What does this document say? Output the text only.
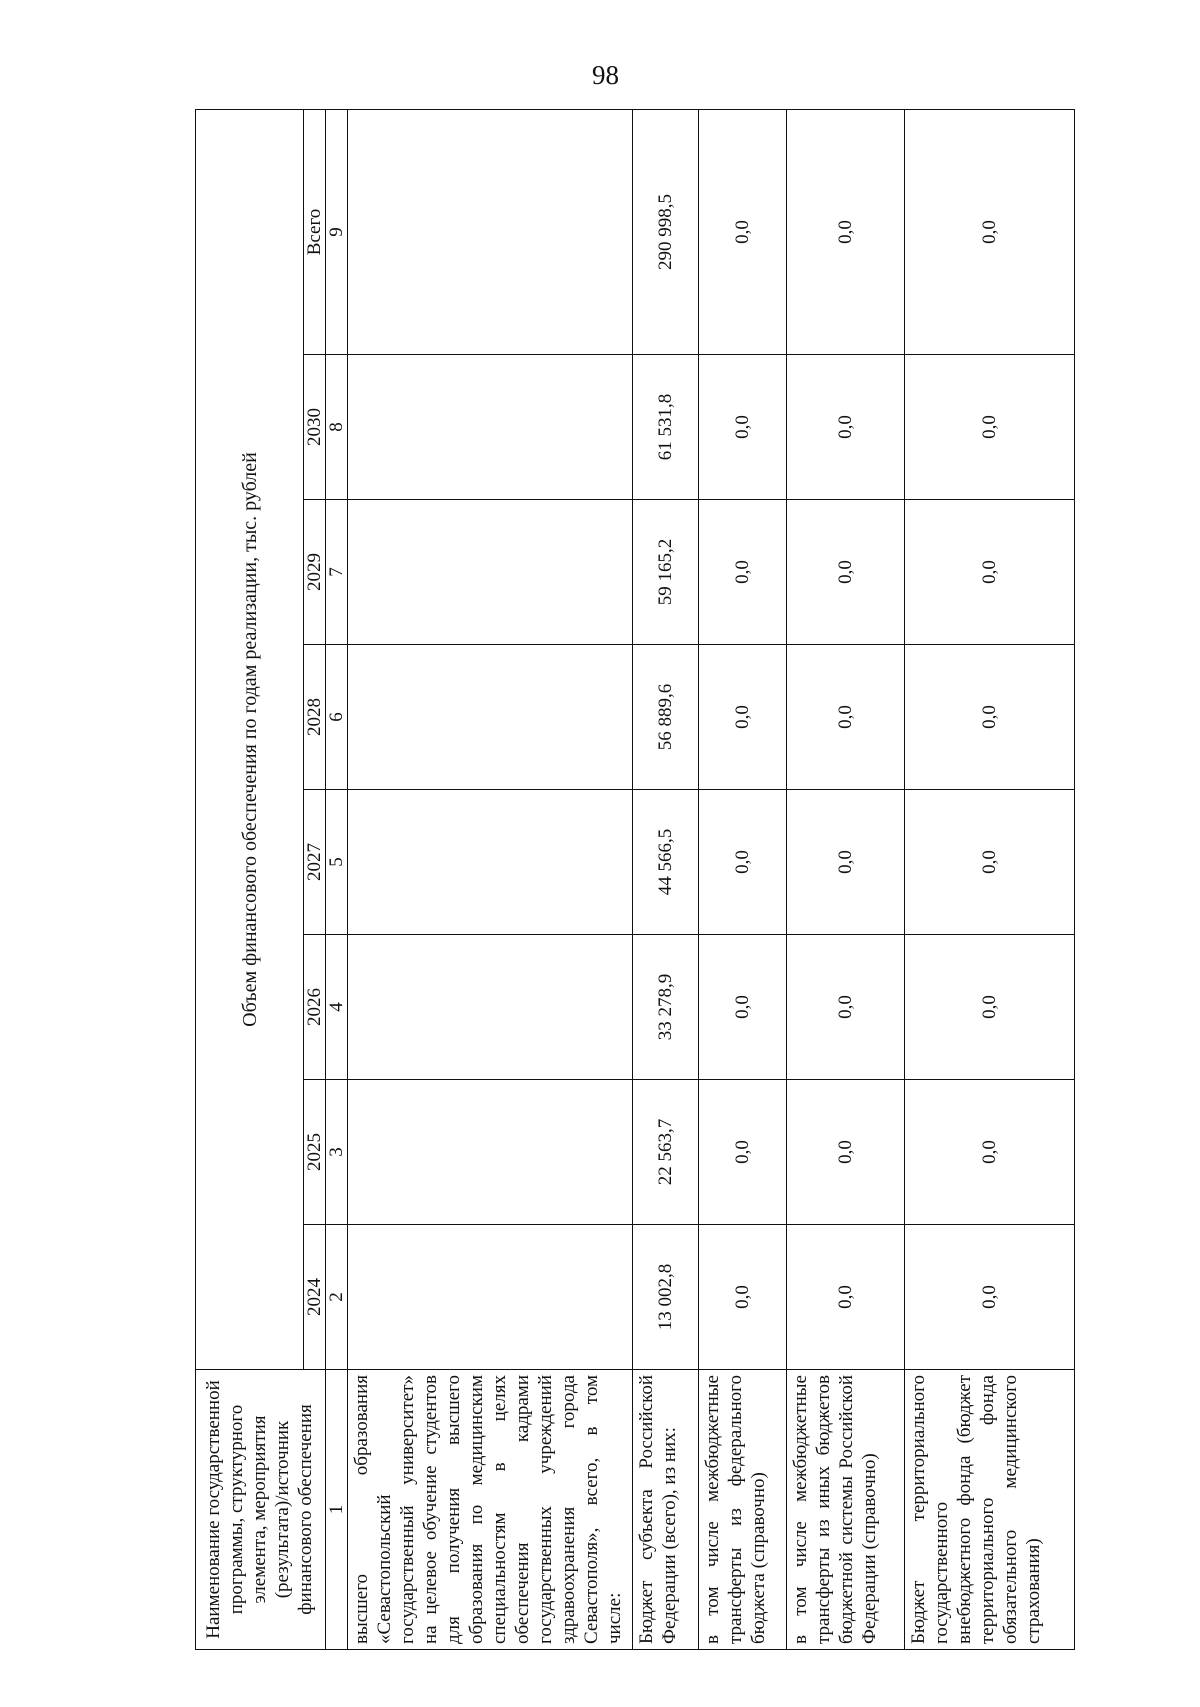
98
Наименование государственной программы, структурного элемента, мероприятия (результата)/источник финансового обеспечения	Объем финансового обеспечения по годам реализации, тыс. рублей							
	2024	2025	2026	2027	2028	2029	2030	Всего
1	2	3	4	5	6	7	8	9
высшего образования «Севастопольский государственный университет» на целевое обучение студентов для получения высшего образования по медицинским специальностям в целях обеспечения кадрами государственных учреждений здравоохранения города Севастополя», всего, в том числе:								
Бюджет субъекта Российской Федерации (всего), из них:	13 002,8	22 563,7	33 278,9	44 566,5	56 889,6	59 165,2	61 531,8	290 998,5
в том числе межбюджетные трансферты из федерального бюджета (справочно)	0,0	0,0	0,0	0,0	0,0	0,0	0,0	0,0
в том числе межбюджетные трансферты из иных бюджетов бюджетной системы Российской Федерации (справочно)	0,0	0,0	0,0	0,0	0,0	0,0	0,0	0,0
Бюджет территориального государственного внебюджетного фонда (бюджет территориального фонда обязательного медицинского страхования)	0,0	0,0	0,0	0,0	0,0	0,0	0,0	0,0
